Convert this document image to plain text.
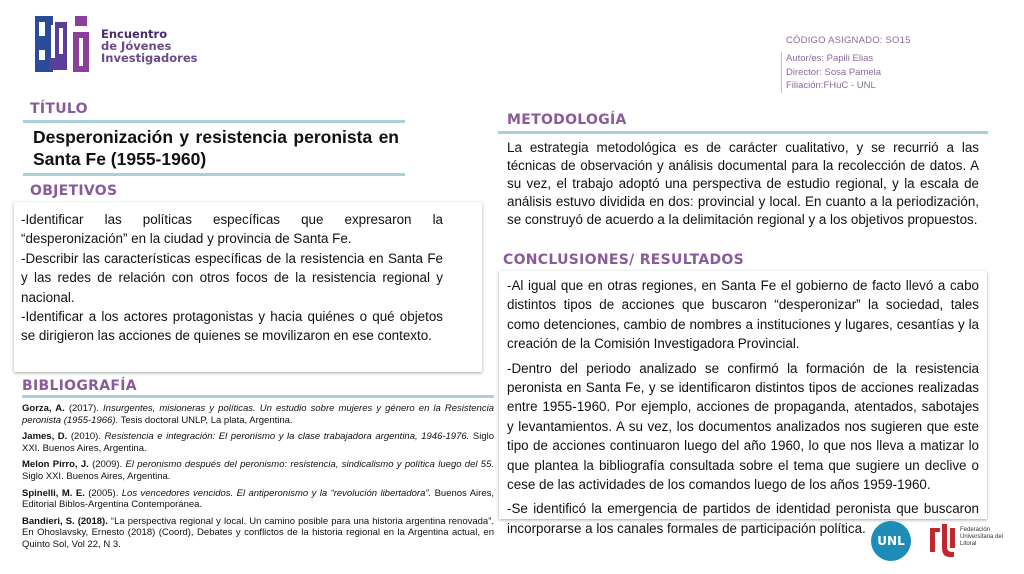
Encuentro
de Jóvenes
Investigadores
CÓDIGO ASIGNADO: SO15
Autor/es: Papili Elias
Director: Sosa Pamela
Filiación:FHuC - UNL
TÍTULO
Desperonización y resistencia peronista en Santa Fe (1955-1960)
OBJETIVOS

-Identificar las políticas específicas que expresaron la “desperonización” en la ciudad y provincia de Santa Fe.

-Describir las características específicas de la resistencia en Santa Fe y las redes de relación con otros focos de la resistencia regional y nacional.

-Identificar a los actores protagonistas y hacia quiénes o qué objetos se dirigieron las acciones de quienes se movilizaron en ese contexto.

BIBLIOGRAFÍA

Gorza, A. (2017). Insurgentes, misioneras y políticas. Un estudio sobre mujeres y género en la Resistencia peronista (1955-1966). Tesis doctoral UNLP, La plata, Argentina.

James, D. (2010). Resistencia e integración: El peronismo y la clase trabajadora argentina, 1946-1976. Siglo XXI. Buenos Aires, Argentina.

Melon Pirro, J. (2009). El peronismo después del peronismo: resistencia, sindicalismo y política luego del 55. Siglo XXI. Buenos Aires, Argentina.

Spinelli, M. E. (2005). Los vencedores vencidos. El antiperonismo y la “revolución libertadora”. Buenos Aires, Editorial Biblos-Argentina Contemporánea.

Bandieri, S. (2018). “La perspectiva regional y local. Un camino posible para una historia argentina renovada”. En Ohoslavsky, Ernesto (2018) (Coord), Debates y conflictos de la historia regional en la Argentina actual, en Quinto Sol, Vol 22, N 3.

METODOLOGÍA
La estrategia metodológica es de carácter cualitativo, y se recurrió a las técnicas de observación y análisis documental para la recolección de datos. A su vez, el trabajo adoptó una perspectiva de estudio regional, y la escala de análisis estuvo dividida en dos: provincial y local. En cuanto a la periodización, se construyó de acuerdo a la delimitación regional y a los objetivos propuestos.
CONCLUSIONES/ RESULTADOS

-Al igual que en otras regiones, en Santa Fe el gobierno de facto llevó a cabo distintos tipos de acciones que buscaron “desperonizar” la sociedad, tales como detenciones, cambio de nombres a instituciones y lugares, cesantías y la creación de la Comisión Investigadora Provincial.

-Dentro del periodo analizado se confirmó la formación de la resistencia peronista en Santa Fe, y se identificaron distintos tipos de acciones realizadas entre 1955-1960. Por ejemplo, acciones de propaganda, atentados, sabotajes y levantamientos. A su vez, los documentos analizados nos sugieren que este tipo de acciones continuaron luego del año 1960, lo que nos lleva a matizar lo que plantea la bibliografía consultada sobre el tema que sugiere un declive o cese de las actividades de los comandos luego de los años 1959-1960.

-Se identificó la emergencia de partidos de identidad peronista que buscaron incorporarse a los canales formales de participación política.

UNL
Federación Universitaria del Litoral
